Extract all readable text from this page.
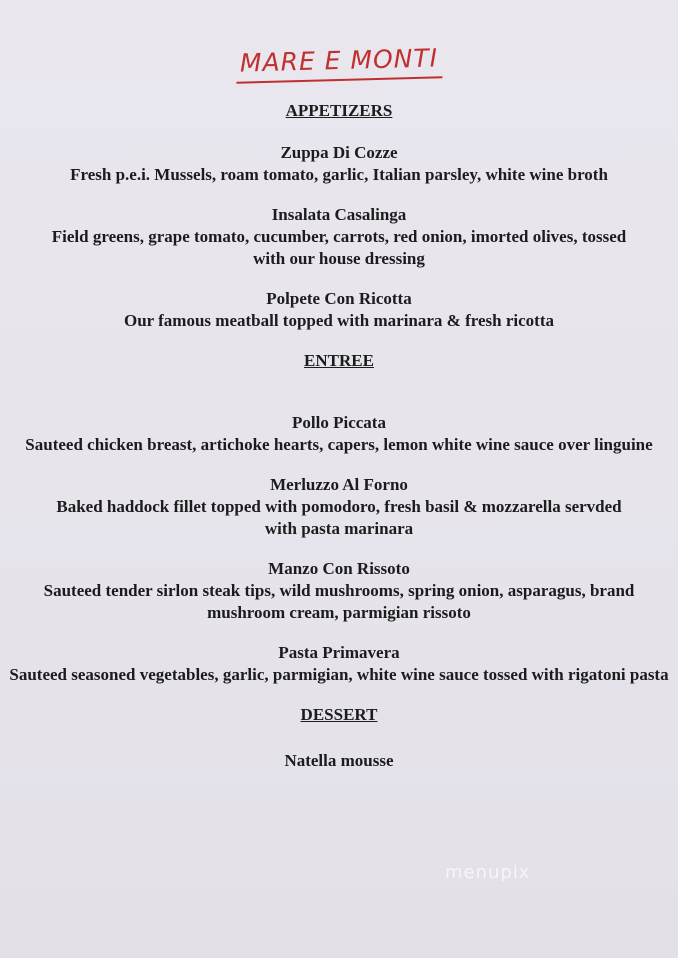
MARE E MONTI
APPETIZERS
Zuppa Di Cozze
Fresh p.e.i. Mussels, roam tomato, garlic, Italian parsley, white wine broth
Insalata Casalinga
Field greens, grape tomato, cucumber, carrots, red onion, imorted olives, tossed with our house dressing
Polpete Con Ricotta
Our famous meatball topped with marinara & fresh ricotta
ENTREE
Pollo Piccata
Sauteed chicken breast, artichoke hearts, capers, lemon white wine sauce over linguine
Merluzzo Al Forno
Baked haddock fillet topped with pomodoro, fresh basil & mozzarella servded with pasta marinara
Manzo Con Rissoto
Sauteed tender sirlon steak tips, wild mushrooms, spring onion, asparagus, brand mushroom cream, parmigian rissoto
Pasta Primavera
Sauteed seasoned vegetables, garlic, parmigian, white wine sauce tossed with rigatoni pasta
DESSERT
Natella mousse
menupix
